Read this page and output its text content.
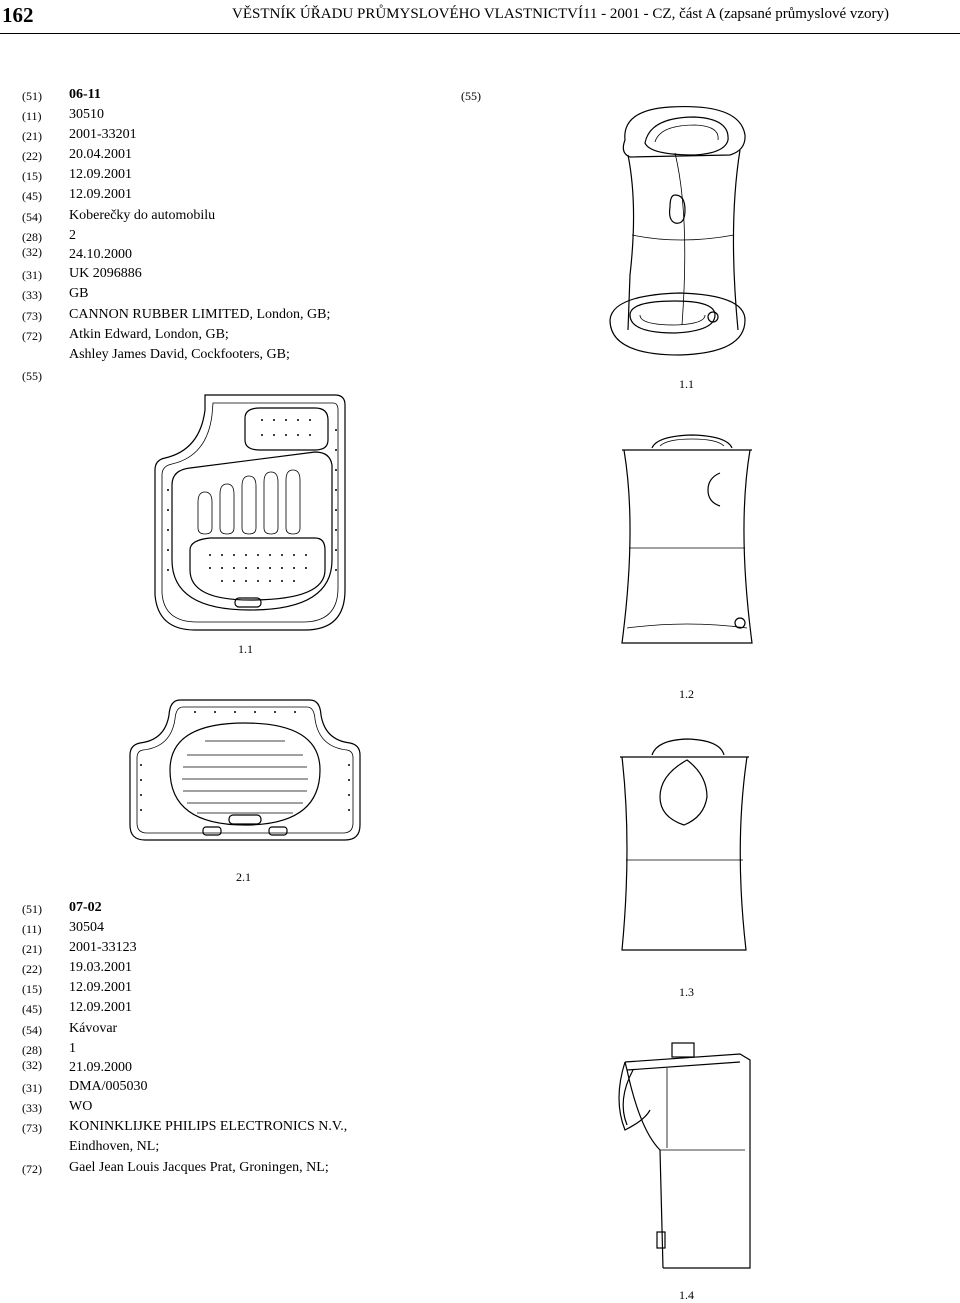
162	VĚSTNÍK ÚŘADU PRŮMYSLOVÉHO VLASTNICTVÍ11 - 2001 - CZ, část A (zapsané průmyslové vzory)
(51) 06-11
(11) 30510
(21) 2001-33201
(22) 20.04.2001
(15) 12.09.2001
(45) 12.09.2001
(54) Koberečky do automobilu
(28) 2
(32) 24.10.2000
(31) UK 2096886
(33) GB
(73) CANNON RUBBER LIMITED, London, GB;
(72) Atkin Edward, London, GB;
Ashley James David, Cockfooters, GB;
(55)
1.1
2.1
(51) 07-02
(11) 30504
(21) 2001-33123
(22) 19.03.2001
(15) 12.09.2001
(45) 12.09.2001
(54) Kávovar
(28) 1
(32) 21.09.2000
(31) DMA/005030
(33) WO
(73) KONINKLIJKE PHILIPS ELECTRONICS N.V.,
Eindhoven, NL;
(72) Gael Jean Louis Jacques Prat, Groningen, NL;
(55)
1.1
1.2
1.3
1.4
